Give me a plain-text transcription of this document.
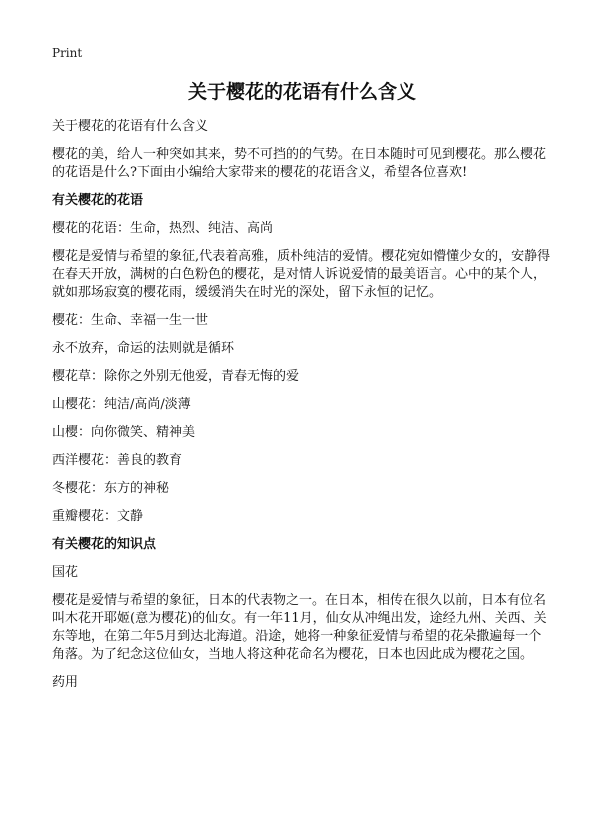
Print
关于樱花的花语有什么含义

关于樱花的花语有什么含义

樱花的美，给人一种突如其来，势不可挡的的气势。在日本随时可见到樱花。那么樱花的花语是什么?下面由小编给大家带来的樱花的花语含义，希望各位喜欢!

有关樱花的花语

樱花的花语：生命，热烈、纯洁、高尚

樱花是爱情与希望的象征,代表着高雅，质朴纯洁的爱情。樱花宛如懵懂少女的，安静得在春天开放，满树的白色粉色的樱花，是对情人诉说爱情的最美语言。心中的某个人，就如那场寂寞的樱花雨，缓缓消失在时光的深处，留下永恒的记忆。

樱花：生命、幸福一生一世

永不放弃，命运的法则就是循环

樱花草：除你之外别无他爱，青春无悔的爱

山樱花：纯洁/高尚/淡薄

山樱：向你微笑、精神美

西洋樱花：善良的教育

冬樱花：东方的神秘

重瓣樱花：文静

有关樱花的知识点

国花

樱花是爱情与希望的象征，日本的代表物之一。在日本，相传在很久以前，日本有位名叫木花开耶姬(意为樱花)的仙女。有一年11月，仙女从冲绳出发，途经九州、关西、关东等地，在第二年5月到达北海道。沿途，她将一种象征爱情与希望的花朵撒遍每一个角落。为了纪念这位仙女，当地人将这种花命名为樱花，日本也因此成为樱花之国。

药用
